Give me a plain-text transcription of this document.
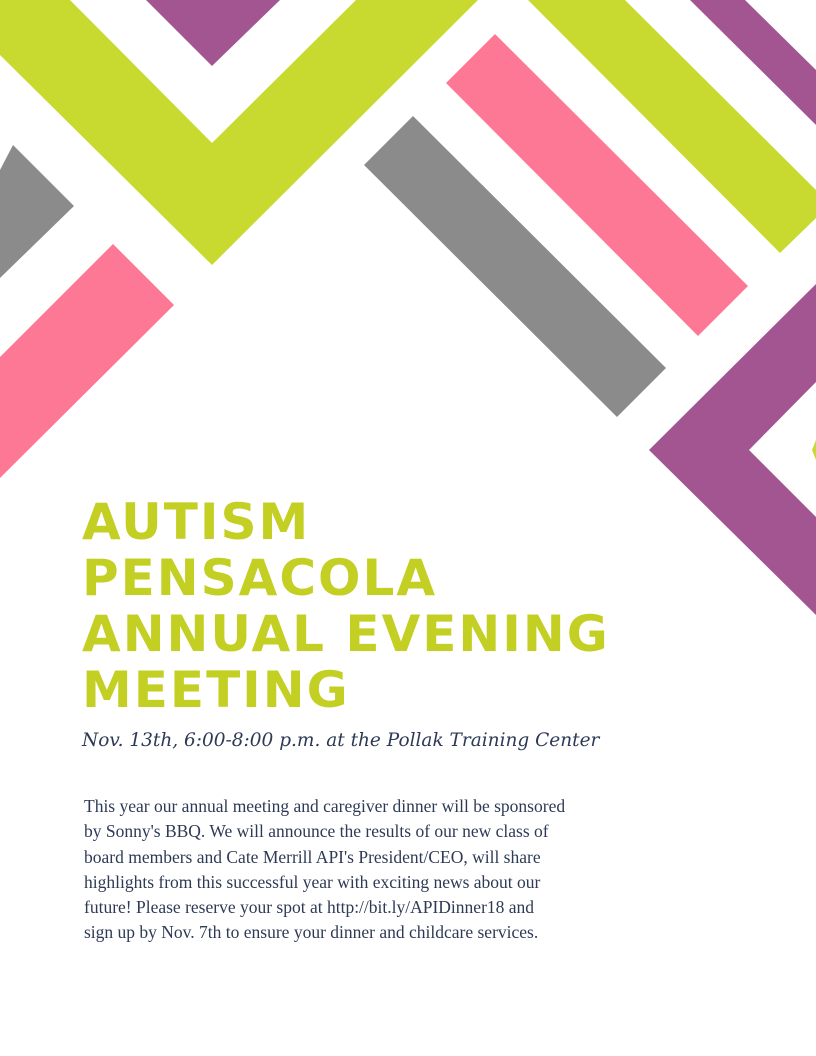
AUTISM
PENSACOLA
ANNUAL EVENING
MEETING

Nov. 13th, 6:00-8:00 p.m. at the Pollak Training Center

This year our annual meeting and caregiver dinner will be sponsored
by Sonny's BBQ. We will announce the results of our new class of
board members and Cate Merrill API's President/CEO, will share
highlights from this successful year with exciting news about our
future! Please reserve your spot at http://bit.ly/APIDinner18 and
sign up by Nov. 7th to ensure your dinner and childcare services.
